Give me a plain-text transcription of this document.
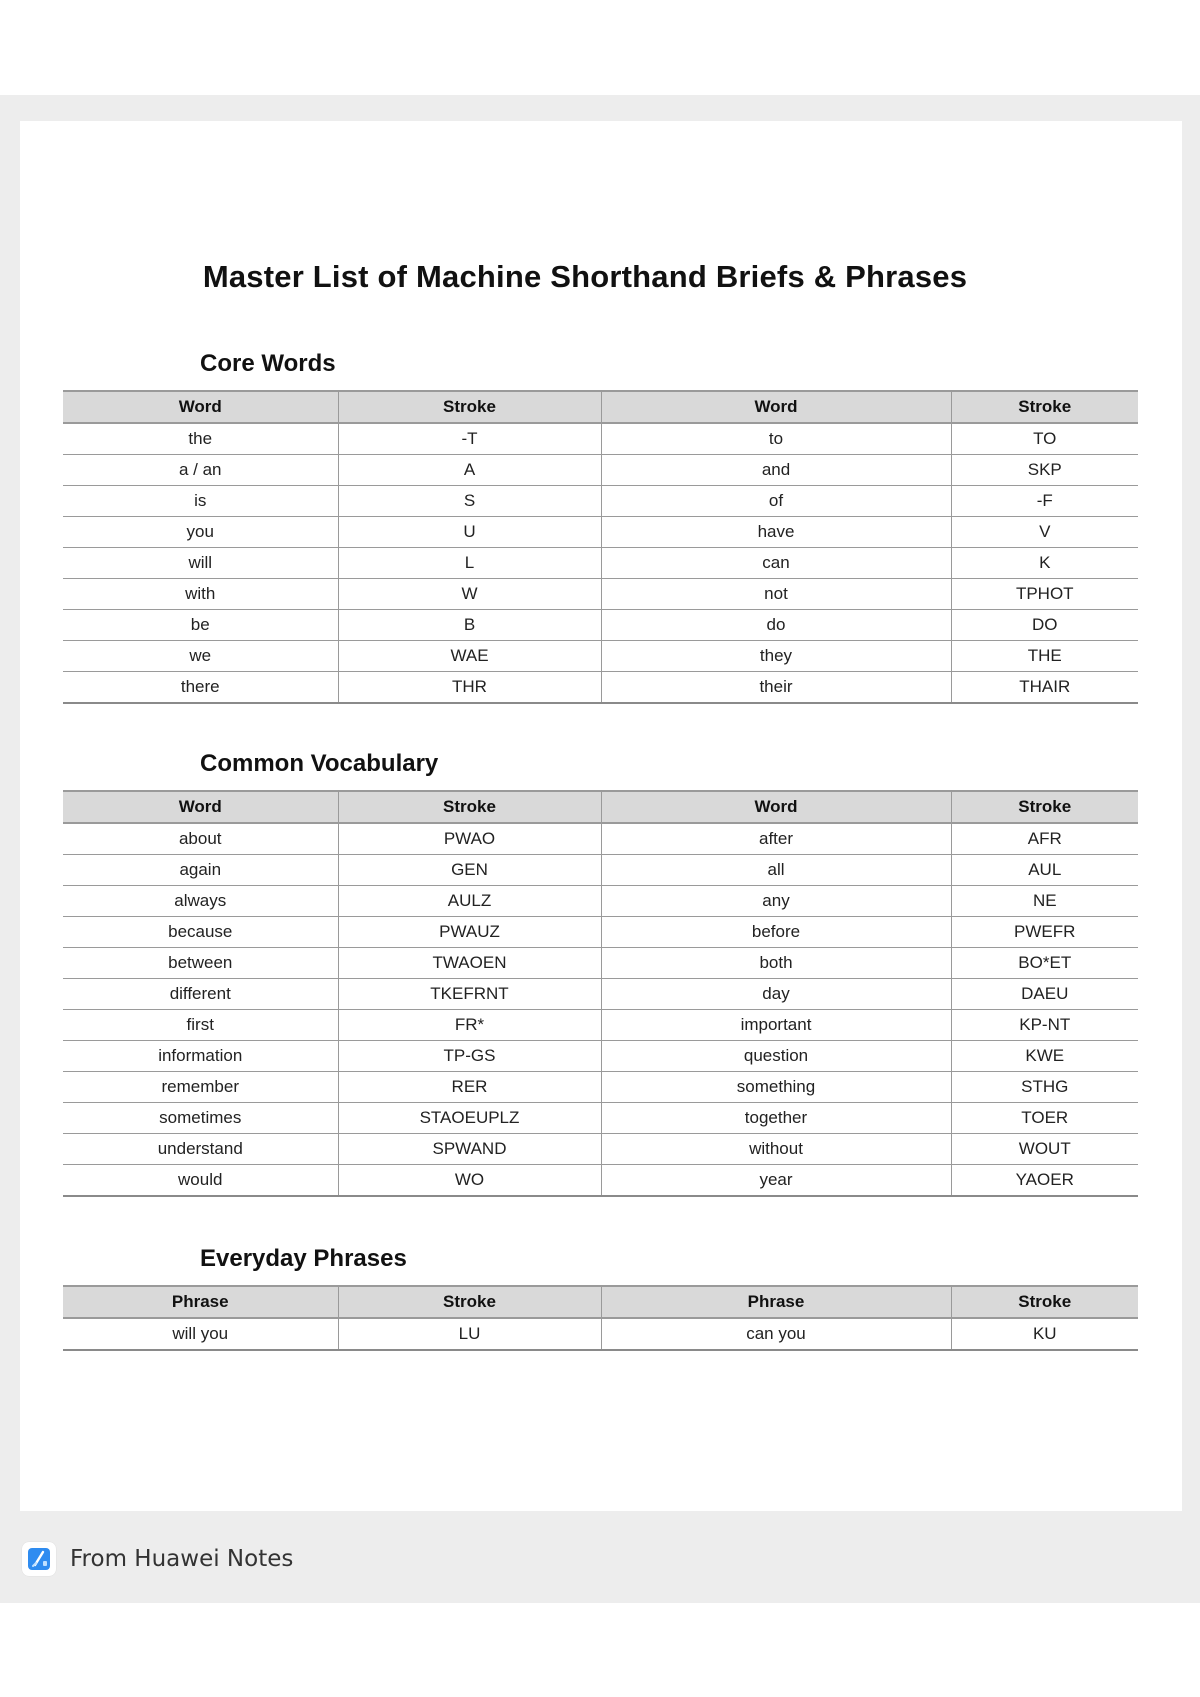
Master List of Machine Shorthand Briefs & Phrases
Core Words
Word	Stroke	Word	Stroke
the	-T	to	TO
a / an	A	and	SKP
is	S	of	-F
you	U	have	V
will	L	can	K
with	W	not	TPHOT
be	B	do	DO
we	WAE	they	THE
there	THR	their	THAIR
Common Vocabulary
Word	Stroke	Word	Stroke
about	PWAO	after	AFR
again	GEN	all	AUL
always	AULZ	any	NE
because	PWAUZ	before	PWEFR
between	TWAOEN	both	BO*ET
different	TKEFRNT	day	DAEU
first	FR*	important	KP-NT
information	TP-GS	question	KWE
remember	RER	something	STHG
sometimes	STAOEUPLZ	together	TOER
understand	SPWAND	without	WOUT
would	WO	year	YAOER
Everyday Phrases
Phrase	Stroke	Phrase	Stroke
will you	LU	can you	KU
From Huawei Notes
